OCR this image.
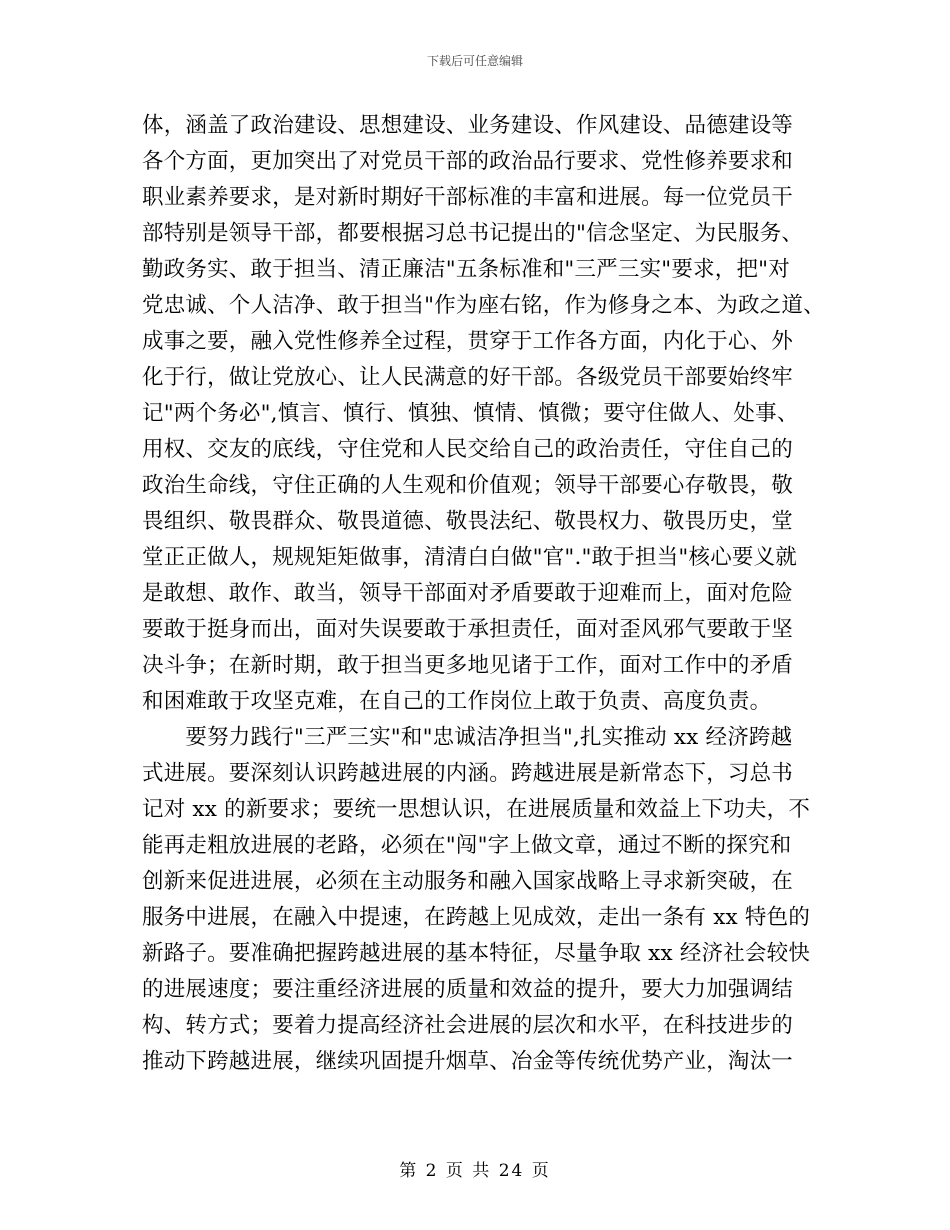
下载后可任意编辑
体，涵盖了政治建设、思想建设、业务建设、作风建设、品德建设等
各个方面，更加突出了对党员干部的政治品行要求、党性修养要求和
职业素养要求，是对新时期好干部标准的丰富和进展。每一位党员干
部特别是领导干部，都要根据习总书记提出的"信念坚定、为民服务、
勤政务实、敢于担当、清正廉洁"五条标准和"三严三实"要求，把"对
党忠诚、个人洁净、敢于担当"作为座右铭，作为修身之本、为政之道、
成事之要，融入党性修养全过程，贯穿于工作各方面，内化于心、外
化于行，做让党放心、让人民满意的好干部。各级党员干部要始终牢
记"两个务必",慎言、慎行、慎独、慎情、慎微；要守住做人、处事、
用权、交友的底线，守住党和人民交给自己的政治责任，守住自己的
政治生命线，守住正确的人生观和价值观；领导干部要心存敬畏，敬
畏组织、敬畏群众、敬畏道德、敬畏法纪、敬畏权力、敬畏历史，堂
堂正正做人，规规矩矩做事，清清白白做"官"."敢于担当"核心要义就
是敢想、敢作、敢当，领导干部面对矛盾要敢于迎难而上，面对危险
要敢于挺身而出，面对失误要敢于承担责任，面对歪风邪气要敢于坚
决斗争；在新时期，敢于担当更多地见诸于工作，面对工作中的矛盾
和困难敢于攻坚克难，在自己的工作岗位上敢于负责、高度负责。
　　要努力践行"三严三实"和"忠诚洁净担当",扎实推动 xx 经济跨越
式进展。要深刻认识跨越进展的内涵。跨越进展是新常态下，习总书
记对 xx 的新要求；要统一思想认识，在进展质量和效益上下功夫，不
能再走粗放进展的老路，必须在"闯"字上做文章，通过不断的探究和
创新来促进进展，必须在主动服务和融入国家战略上寻求新突破，在
服务中进展，在融入中提速，在跨越上见成效，走出一条有 xx 特色的
新路子。要准确把握跨越进展的基本特征，尽量争取 xx 经济社会较快
的进展速度；要注重经济进展的质量和效益的提升，要大力加强调结
构、转方式；要着力提高经济社会进展的层次和水平，在科技进步的
推动下跨越进展，继续巩固提升烟草、冶金等传统优势产业，淘汰一
第 2 页 共 24 页
